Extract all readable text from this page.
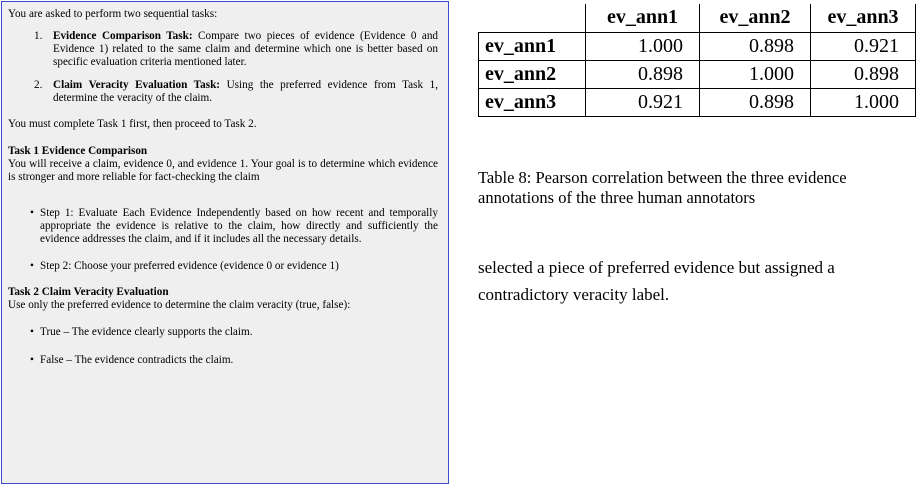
You are asked to perform two sequential tasks:

1. Evidence Comparison Task: Compare two pieces of evidence (Evidence 0 and Evidence 1) related to the same claim and determine which one is better based on specific evaluation criteria mentioned later.
2. Claim Veracity Evaluation Task: Using the preferred evidence from Task 1, determine the veracity of the claim.

You must complete Task 1 first, then proceed to Task 2.

Task 1 Evidence Comparison

You will receive a claim, evidence 0, and evidence 1. Your goal is to determine which evidence is stronger and more reliable for fact-checking the claim

• Step 1: Evaluate Each Evidence Independently based on how recent and temporally appropriate the evidence is relative to the claim, how directly and sufficiently the evidence addresses the claim, and if it includes all the necessary details.
• Step 2: Choose your preferred evidence (evidence 0 or evidence 1)

Task 2 Claim Veracity Evaluation

Use only the preferred evidence to determine the claim veracity (true, false):

• True – The evidence clearly supports the claim.
• False – The evidence contradicts the claim.
	ev_ann1	ev_ann2	ev_ann3
ev_ann1	1.000	0.898	0.921
ev_ann2	0.898	1.000	0.898
ev_ann3	0.921	0.898	1.000

Table 8: Pearson correlation between the three evidence annotations of the three human annotators

selected a piece of preferred evidence but assigned a contradictory veracity label.
